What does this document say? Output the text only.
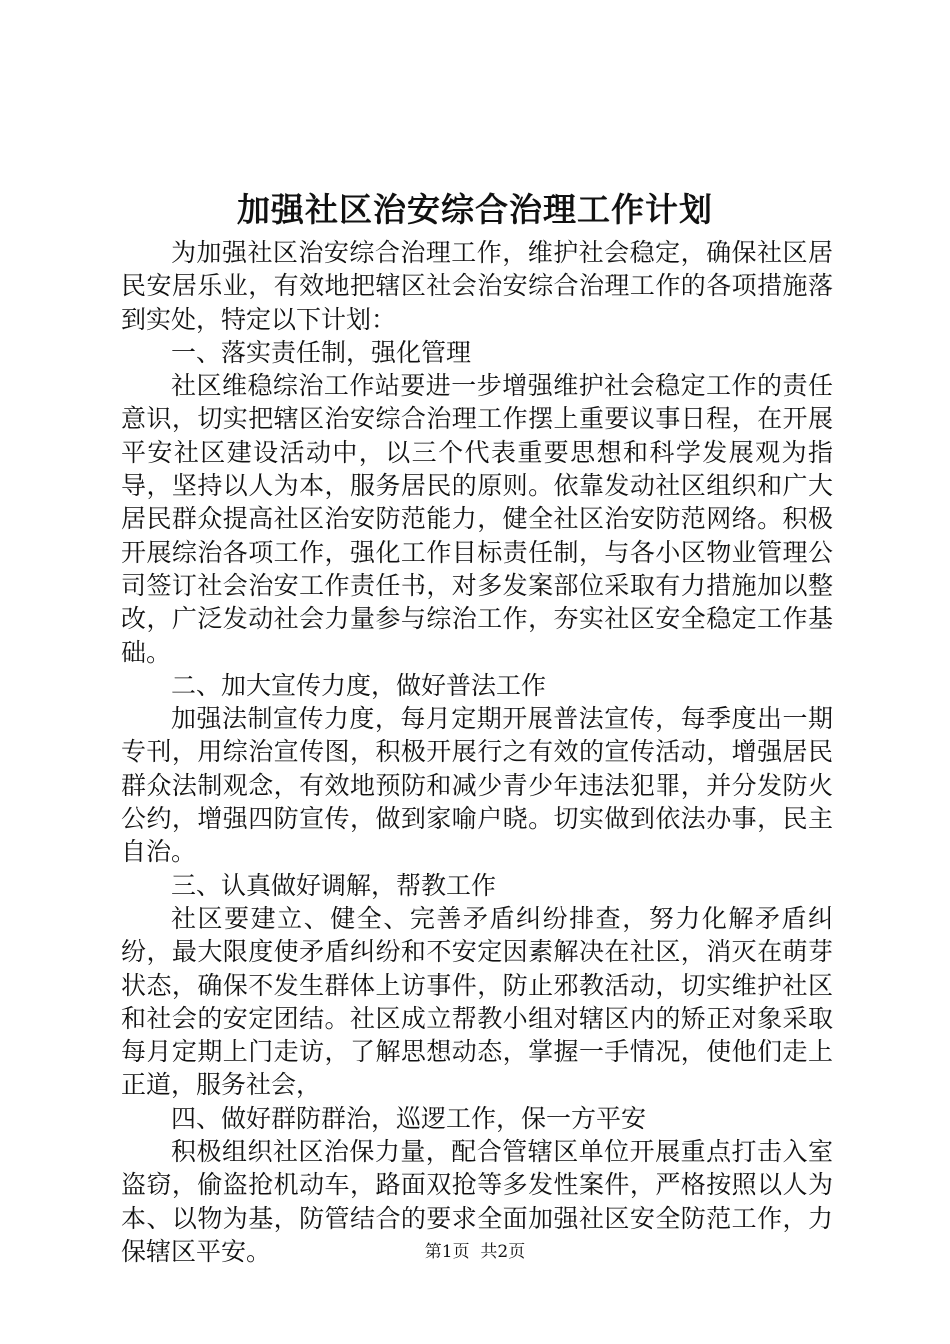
加强社区治安综合治理工作计划

为加强社区治安综合治理工作，维护社会稳定，确保社区居民安居乐业，有效地把辖区社会治安综合治理工作的各项措施落到实处，特定以下计划：

一、落实责任制，强化管理

社区维稳综治工作站要进一步增强维护社会稳定工作的责任意识，切实把辖区治安综合治理工作摆上重要议事日程，在开展平安社区建设活动中，以三个代表重要思想和科学发展观为指导，坚持以人为本，服务居民的原则。依靠发动社区组织和广大居民群众提高社区治安防范能力，健全社区治安防范网络。积极开展综治各项工作，强化工作目标责任制，与各小区物业管理公司签订社会治安工作责任书，对多发案部位采取有力措施加以整改，广泛发动社会力量参与综治工作，夯实社区安全稳定工作基础。

二、加大宣传力度，做好普法工作

加强法制宣传力度，每月定期开展普法宣传，每季度出一期专刊，用综治宣传图，积极开展行之有效的宣传活动，增强居民群众法制观念，有效地预防和减少青少年违法犯罪，并分发防火公约，增强四防宣传，做到家喻户晓。切实做到依法办事，民主自治。

三、认真做好调解，帮教工作

社区要建立、健全、完善矛盾纠纷排查，努力化解矛盾纠纷，最大限度使矛盾纠纷和不安定因素解决在社区，消灭在萌芽状态，确保不发生群体上访事件，防止邪教活动，切实维护社区和社会的安定团结。社区成立帮教小组对辖区内的矫正对象采取每月定期上门走访，了解思想动态，掌握一手情况，使他们走上正道，服务社会，

四、做好群防群治，巡逻工作，保一方平安

积极组织社区治保力量，配合管辖区单位开展重点打击入室盗窃，偷盗抢机动车，路面双抢等多发性案件，严格按照以人为本、以物为基，防管结合的要求全面加强社区安全防范工作，力保辖区平安。	第1页 共2页
